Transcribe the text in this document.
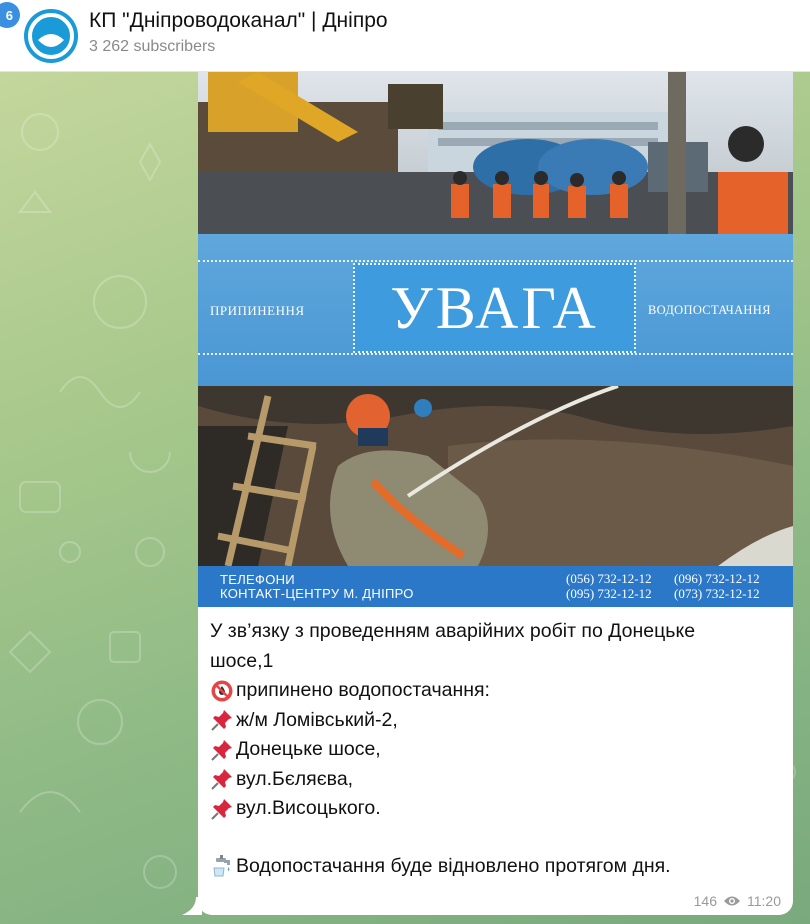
6	КП "Дніпроводоканал" | Дніпро
3 262 subscribers
ПРИПИНЕННЯ УВАГА	ВОДОПОСТАЧАННЯ
ТЕЛЕФОНИ
КОНТАКТ-ЦЕНТРУ М. ДНІПРО
(056) 732-12-12 (096) 732-12-12
(095) 732-12-12 (073) 732-12-12
У зв’язку з проведенням аварійних робіт по Донецьке
шосе,1
припинено водопостачання:
ж/м Ломівський-2,
Донецьке шосе,
вул.Бєляєва,
вул.Висоцького.
Водопостачання буде відновлено протягом дня.
146 11:20
